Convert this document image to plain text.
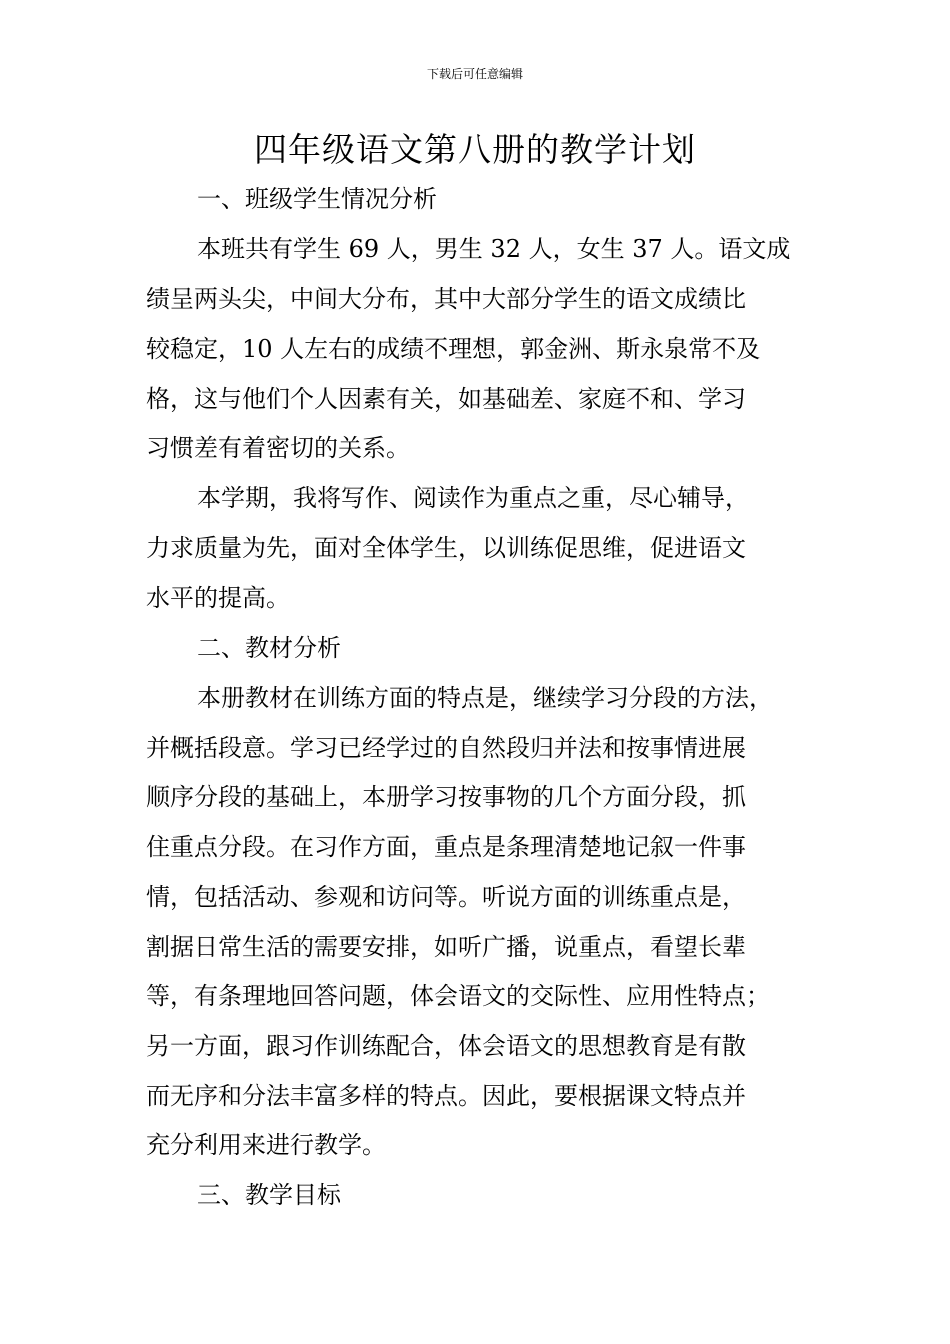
下载后可任意编辑
四年级语文第八册的教学计划
一、班级学生情况分析
本班共有学生 69 人，男生 32 人，女生 37 人。语文成
绩呈两头尖，中间大分布，其中大部分学生的语文成绩比
较稳定，10 人左右的成绩不理想，郭金洲、斯永泉常不及
格，这与他们个人因素有关，如基础差、家庭不和、学习
习惯差有着密切的关系。
本学期，我将写作、阅读作为重点之重，尽心辅导，
力求质量为先，面对全体学生，以训练促思维，促进语文
水平的提高。
二、教材分析
本册教材在训练方面的特点是，继续学习分段的方法，
并概括段意。学习已经学过的自然段归并法和按事情进展
顺序分段的基础上，本册学习按事物的几个方面分段，抓
住重点分段。在习作方面，重点是条理清楚地记叙一件事
情，包括活动、参观和访问等。听说方面的训练重点是，
割据日常生活的需要安排，如听广播，说重点，看望长辈
等，有条理地回答问题，体会语文的交际性、应用性特点；
另一方面，跟习作训练配合，体会语文的思想教育是有散
而无序和分法丰富多样的特点。因此，要根据课文特点并
充分利用来进行教学。
三、教学目标
